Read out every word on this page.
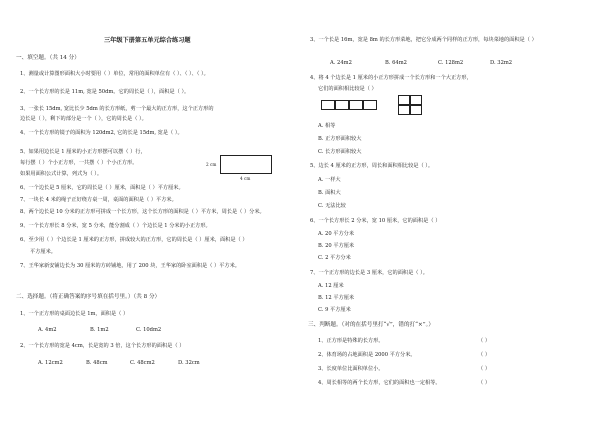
三年级下册第五单元综合练习题
一、填空题。（共 14 分）
1、测量或计算图形面积大小时要用（ ）单位，常用的面积单位有（ ）、（ ）、（ ）。
2、一个长方形的长是 11m, 宽是 50dm。它的周长是（ ），面积是（ ）。
3、一张长 15dm, 宽比长少 5dm 的长方形纸，剪一个最大的正方形，这个正方形的
边长是（ ），剩下的部分是一个（ ），它的周长是（ ）。
4、一个长方形的镜子的面积为 120dm2, 它的长是 15dm, 宽是（ ）。
5、如果用边长是 1 厘米的小正方形摆可以摆（ ）行，
每行摆（ ）个小正方形，一共摆（ ）个小正方形。
如果用面积公式计算，列式为（ ）。
2 cm
4 cm
6、一个边长是 5 厘米，它的周长是（ ）厘米，面积是（ ）平方厘米。
7、一块长 4 米的绳子正好绕方桌一周，桌面的面积是（ ）平方米。
8、两个边长是 10 分米的正方形可拼成一个长方形，这个长方形的面积是（ ）平方米，周长是（ ）分米。
9、一个长方形长 8 分米，宽 5 分米，能分割成（ ）个边长是 1 分米的小正方形。
6、至少用（ ）个边长是 1 厘米的正方形，拼成较大的正方形，它的周长是（ ）厘米，面积是（ ）
平方厘米。
7、王华家新安铺边长为 30 厘米的方砖铺地，用了 200 块，王华家的卧室面积是（ ）平方米。
二、选择题。（将正确答案的序号填在括号里。）（共 8 分）
1、一个正方形的桌面边长是 1m，面积是（ ）
A. 4m2	B. 1m2	C. 10dm2
2、一个长方形的宽是 4cm，长是宽的 3 倍，这个长方形的面积是（ ）
A. 12cm2	B. 48cm	C. 48cm2	D. 32cm
3、一个长是 16m，宽是 8m 的长方形菜地，把它分成两个同样的正方形，每块菜地的面积是（ ）
A. 24m2	B. 64m2	C. 128m2	D. 32m2
4、将 4 个边长是 1 厘米的小正方形拼成一个长方形和一个大正方形，
它们的面积相比较是（ ）
A. 相等
B. 正方形面积较大
C. 长方形面积较大
5、边长 4 厘米的正方形，周长和面积相比较是（ ）。
A. 一样大
B. 面积大
C. 无法比较
6、一个长方形长 2 分米，宽 10 厘米，它的面积是（ ）
A. 20 平方分米
B. 20 平方厘米
C. 2 平方分米
7、一个正方形的边长是 3 厘米，它的面积是（ ）。
A. 12 厘米
B. 12 平方厘米
C. 9 平方厘米
三、判断题。（对的在括号里打“√”，错的打“×”。）
1、正方形是特殊的长方形。	（ ）
2、体育场的占地面积是 2000 平方分米。	（ ）
3、长度单位比面积单位小。	（ ）
4、周长相等的两个长方形，它们的面积也一定相等。	（ ）
